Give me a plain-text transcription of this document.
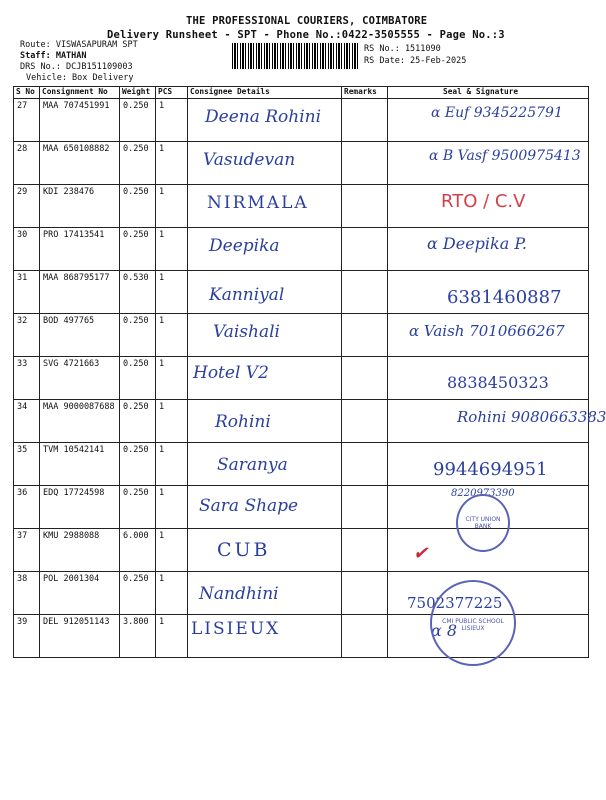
THE PROFESSIONAL COURIERS, COIMBATORE
Delivery Runsheet - SPT - Phone No.:0422-3505555 - Page No.:3
Route: VISWASAPURAM SPT
Staff: MATHAN
DRS No.: DCJB151109003
Vehicle: Box Delivery
RS No.: 1511090
RS Date: 25-Feb-2025
S No	Consignment No	Weight	PCS	Consignee Details	Remarks	Seal & Signature
27	MAA 707451991	0.250	1	Deena Rohini		α Euf 9345225791
28	MAA 650108882	0.250	1	Vasudevan		α B Vasf 9500975413
29	KDI 238476	0.250	1	NIRMALA		RTO / C.V
30	PRO 17413541	0.250	1	Deepika		α Deepika P.
31	MAA 868795177	0.530	1	Kanniyal		6381460887
32	BOD 497765	0.250	1	Vaishali		α Vaish 7010666267
33	SVG 4721663	0.250	1	Hotel V2		8838450323
34	MAA 9000087688	0.250	1	Rohini		Rohini 9080663383
35	TVM 10542141	0.250	1	Saranya		9944694951
36	EDQ 17724598	0.250	1	Sara Shape		8220973390
37	KMU 2988088	6.000	1	CUB		✔
38	POL 2001304	0.250	1	Nandhini		7502377225
39	DEL 912051143	3.800	1	LISIEUX		α 8
CITY UNION BANK
CMI PUBLIC SCHOOL LISIEUX
